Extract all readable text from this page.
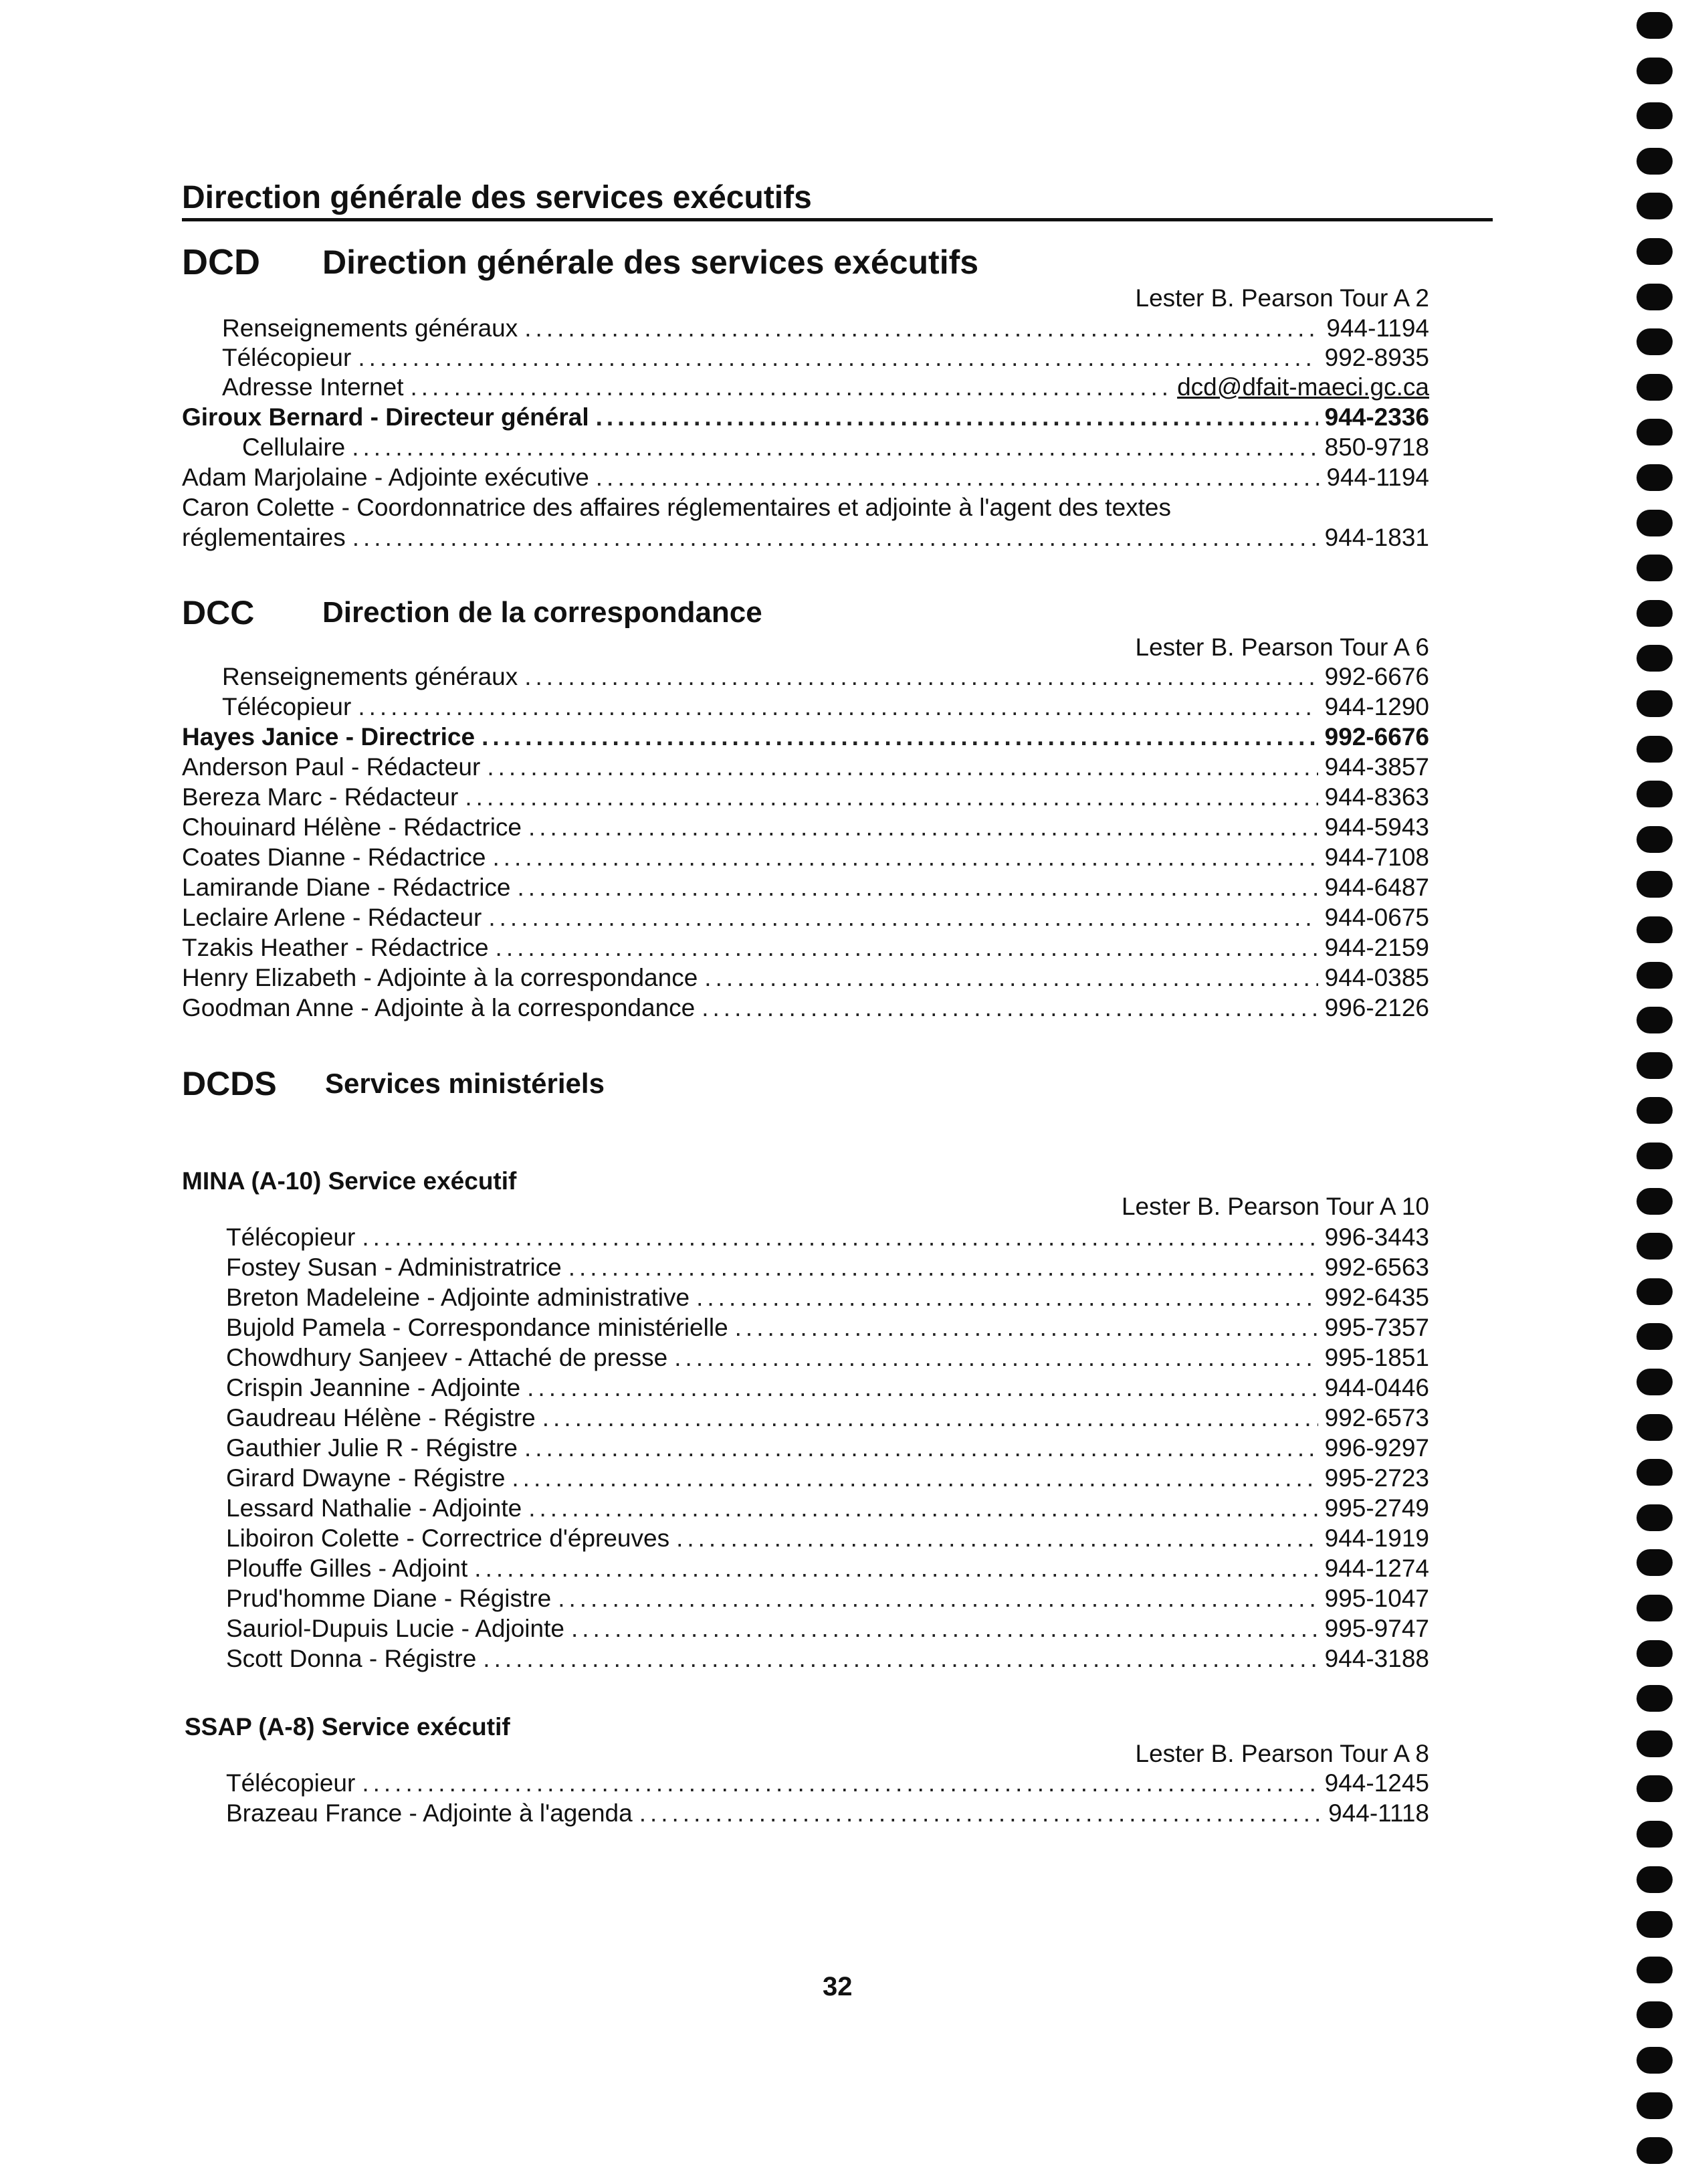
Direction générale des services exécutifs
DCD Direction générale des services exécutifs
Lester B. Pearson Tour A 2
Renseignements généraux .....	944-1194
Télécopieur .....	992-8935
Adresse Internet .....	dcd@dfait-maeci.gc.ca
Giroux Bernard - Directeur général .....	944-2336
Cellulaire .....	850-9718
Adam Marjolaine - Adjointe exécutive .....	944-1194
Caron Colette - Coordonnatrice des affaires réglementaires et adjointe à l'agent des textes
réglementaires .....	944-1831
DCC Direction de la correspondance
Lester B. Pearson Tour A 6
Renseignements généraux .....	992-6676
Télécopieur .....	944-1290
Hayes Janice - Directrice .....	992-6676
Anderson Paul - Rédacteur .....	944-3857
Bereza Marc - Rédacteur .....	944-8363
Chouinard Hélène - Rédactrice .....	944-5943
Coates Dianne - Rédactrice .....	944-7108
Lamirande Diane - Rédactrice .....	944-6487
Leclaire Arlene - Rédacteur .....	944-0675
Tzakis Heather - Rédactrice .....	944-2159
Henry Elizabeth - Adjointe à la correspondance .....	944-0385
Goodman Anne - Adjointe à la correspondance .....	996-2126
DCDS Services ministériels
MINA (A-10) Service exécutif
Lester B. Pearson Tour A 10
Télécopieur .....	996-3443
Fostey Susan - Administratrice .....	992-6563
Breton Madeleine - Adjointe administrative .....	992-6435
Bujold Pamela - Correspondance ministérielle .....	995-7357
Chowdhury Sanjeev - Attaché de presse .....	995-1851
Crispin Jeannine - Adjointe .....	944-0446
Gaudreau Hélène - Régistre .....	992-6573
Gauthier Julie R - Régistre .....	996-9297
Girard Dwayne - Régistre .....	995-2723
Lessard Nathalie - Adjointe .....	995-2749
Liboiron Colette - Correctrice d'épreuves .....	944-1919
Plouffe Gilles - Adjoint .....	944-1274
Prud'homme Diane - Régistre .....	995-1047
Sauriol-Dupuis Lucie - Adjointe .....	995-9747
Scott Donna - Régistre .....	944-3188
SSAP (A-8) Service exécutif
Lester B. Pearson Tour A 8
Télécopieur .....	944-1245
Brazeau France - Adjointe à l'agenda .....	944-1118
32
